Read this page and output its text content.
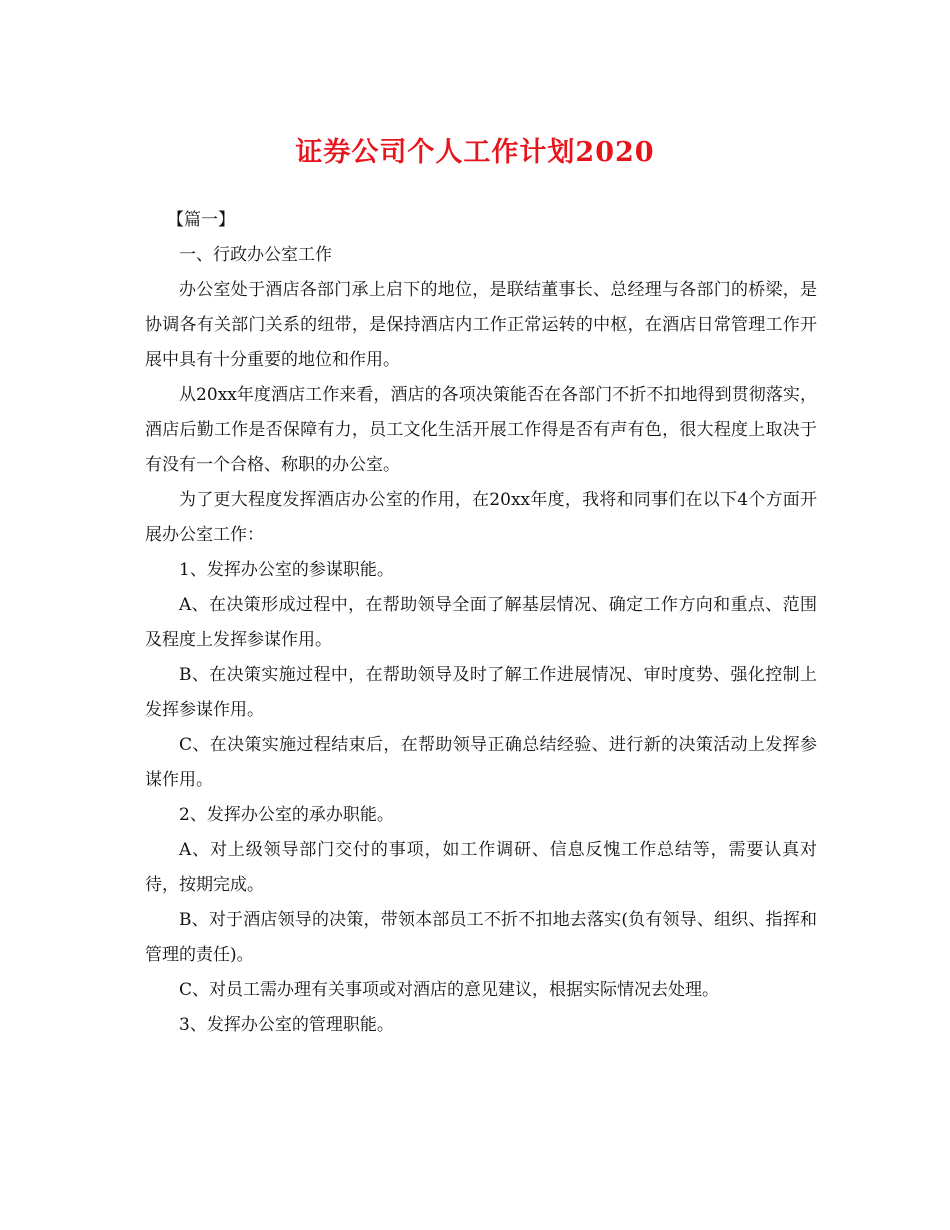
证券公司个人工作计划2020

【篇一】

一、行政办公室工作

办公室处于酒店各部门承上启下的地位，是联结董事长、总经理与各部门的桥梁，是协调各有关部门关系的纽带，是保持酒店内工作正常运转的中枢，在酒店日常管理工作开展中具有十分重要的地位和作用。

从20xx年度酒店工作来看，酒店的各项决策能否在各部门不折不扣地得到贯彻落实，酒店后勤工作是否保障有力，员工文化生活开展工作得是否有声有色，很大程度上取决于有没有一个合格、称职的办公室。

为了更大程度发挥酒店办公室的作用，在20xx年度，我将和同事们在以下4个方面开展办公室工作：

1、发挥办公室的参谋职能。

A、在决策形成过程中，在帮助领导全面了解基层情况、确定工作方向和重点、范围及程度上发挥参谋作用。

B、在决策实施过程中，在帮助领导及时了解工作进展情况、审时度势、强化控制上发挥参谋作用。

C、在决策实施过程结束后，在帮助领导正确总结经验、进行新的决策活动上发挥参谋作用。

2、发挥办公室的承办职能。

A、对上级领导部门交付的事项，如工作调研、信息反愧工作总结等，需要认真对待，按期完成。

B、对于酒店领导的决策，带领本部员工不折不扣地去落实(负有领导、组织、指挥和管理的责任)。

C、对员工需办理有关事项或对酒店的意见建议，根据实际情况去处理。

3、发挥办公室的管理职能。
